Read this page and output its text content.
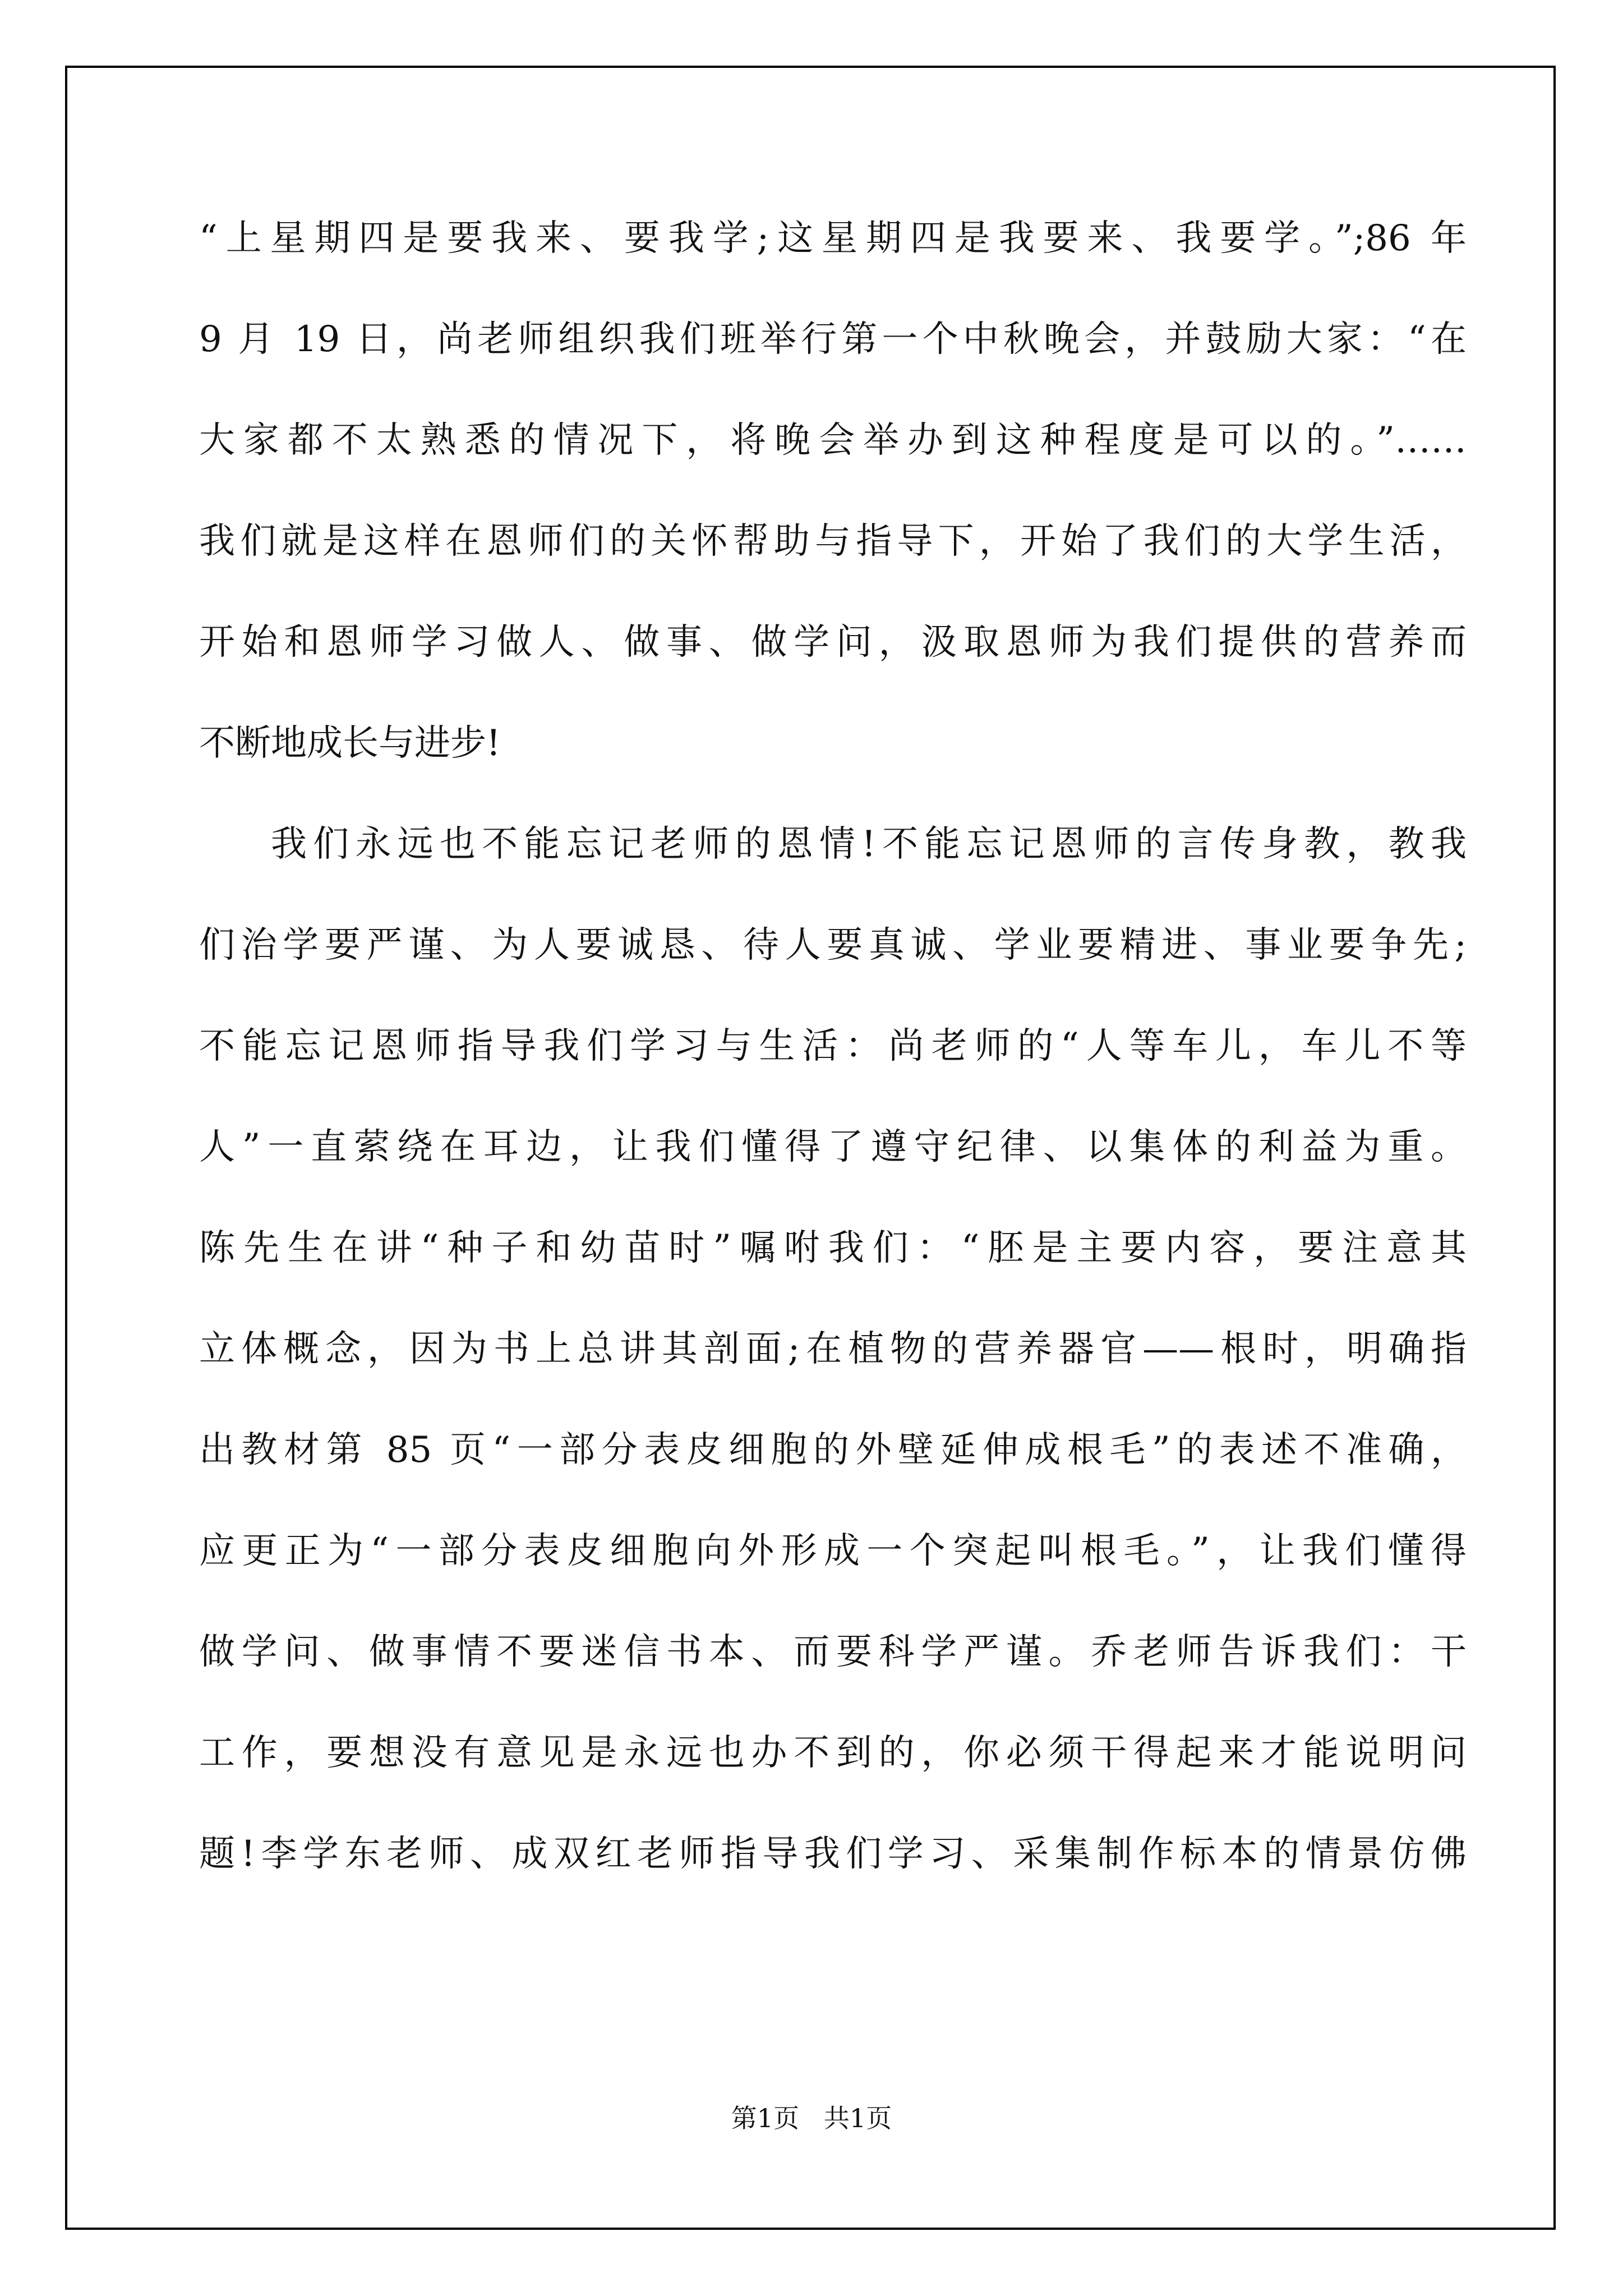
“上星期四是要我来、要我学;这星期四是我要来、我要学。”;86 年
9 月 19 日，尚老师组织我们班举行第一个中秋晚会，并鼓励大家：“在
大家都不太熟悉的情况下，将晚会举办到这种程度是可以的。”……
我们就是这样在恩师们的关怀帮助与指导下，开始了我们的大学生活，
开始和恩师学习做人、做事、做学问，汲取恩师为我们提供的营养而
不断地成长与进步!
我们永远也不能忘记老师的恩情!不能忘记恩师的言传身教，教我
们治学要严谨、为人要诚恳、待人要真诚、学业要精进、事业要争先;
不能忘记恩师指导我们学习与生活：尚老师的“人等车儿，车儿不等
人”一直萦绕在耳边，让我们懂得了遵守纪律、以集体的利益为重。
陈先生在讲“种子和幼苗时”嘱咐我们：“胚是主要内容，要注意其
立体概念，因为书上总讲其剖面;在植物的营养器官——根时，明确指
出教材第 85 页“一部分表皮细胞的外壁延伸成根毛”的表述不准确，
应更正为“一部分表皮细胞向外形成一个突起叫根毛。”，让我们懂得
做学问、做事情不要迷信书本、而要科学严谨。乔老师告诉我们：干
工作，要想没有意见是永远也办不到的，你必须干得起来才能说明问
题!李学东老师、成双红老师指导我们学习、采集制作标本的情景仿佛
第1页   共1页
